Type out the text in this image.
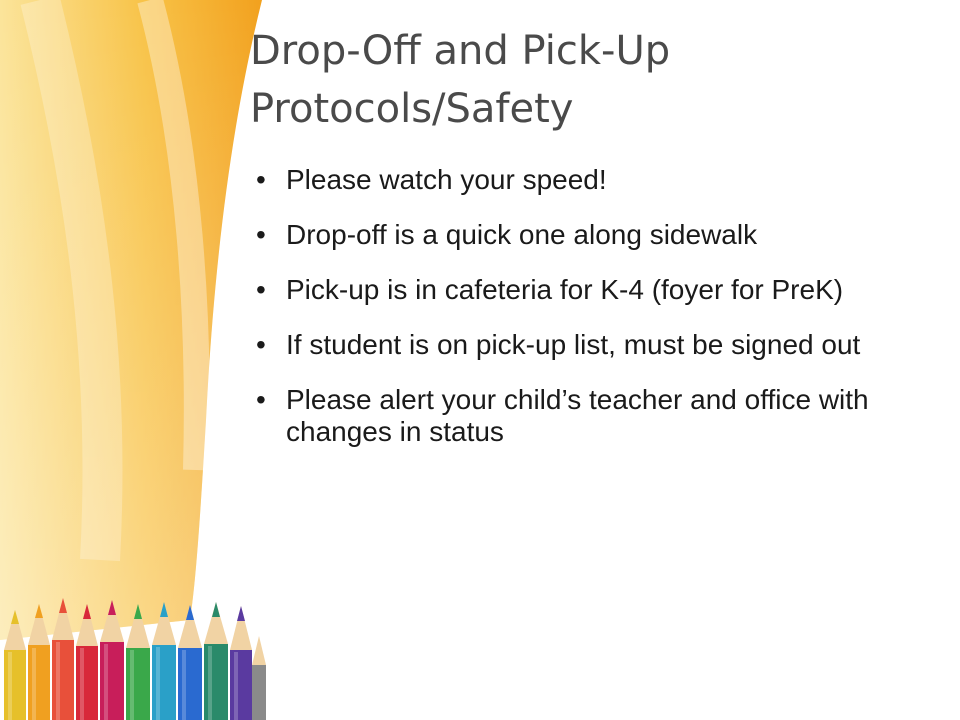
Drop-Off and Pick-Up
Protocols/Safety
•
Please watch your speed!
•
Drop-off is a quick one along sidewalk
•
Pick-up is in cafeteria for K-4 (foyer for PreK)
•
If student is on pick-up list, must be signed out
•
Please alert your child’s teacher and office with changes in status
